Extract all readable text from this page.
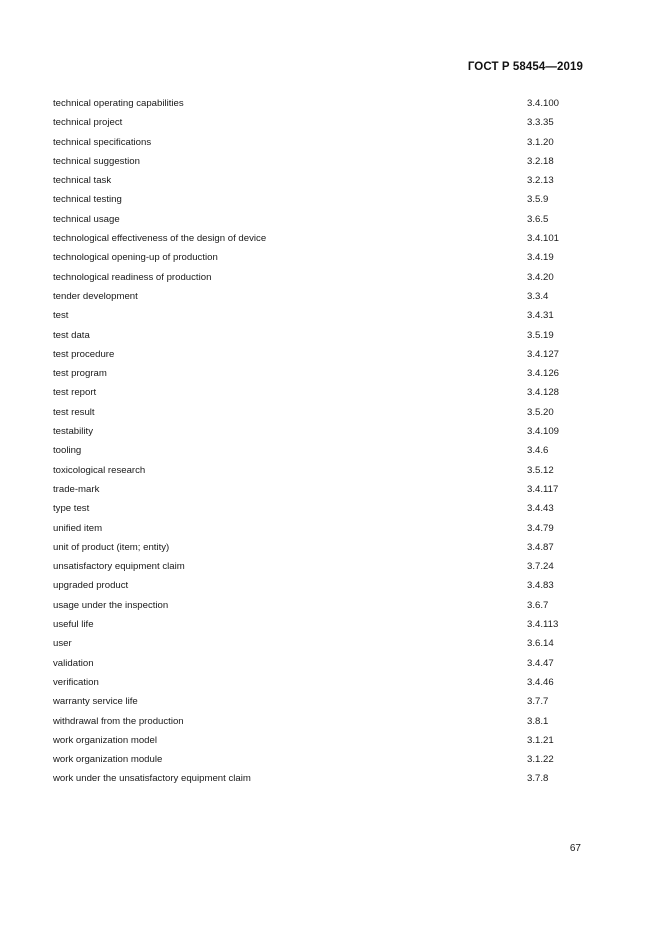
ГОСТ Р 58454—2019
technical operating capabilities	3.4.100
technical project	3.3.35
technical specifications	3.1.20
technical suggestion	3.2.18
technical task	3.2.13
technical testing	3.5.9
technical usage	3.6.5
technological effectiveness of the design of device	3.4.101
technological opening-up of production	3.4.19
technological readiness of production	3.4.20
tender development	3.3.4
test	3.4.31
test data	3.5.19
test procedure	3.4.127
test program	3.4.126
test report	3.4.128
test result	3.5.20
testability	3.4.109
tooling	3.4.6
toxicological research	3.5.12
trade-mark	3.4.117
type test	3.4.43
unified item	3.4.79
unit of product (item; entity)	3.4.87
unsatisfactory equipment claim	3.7.24
upgraded product	3.4.83
usage under the inspection	3.6.7
useful life	3.4.113
user	3.6.14
validation	3.4.47
verification	3.4.46
warranty service life	3.7.7
withdrawal from the production	3.8.1
work organization model	3.1.21
work organization module	3.1.22
work under the unsatisfactory equipment claim	3.7.8
67
